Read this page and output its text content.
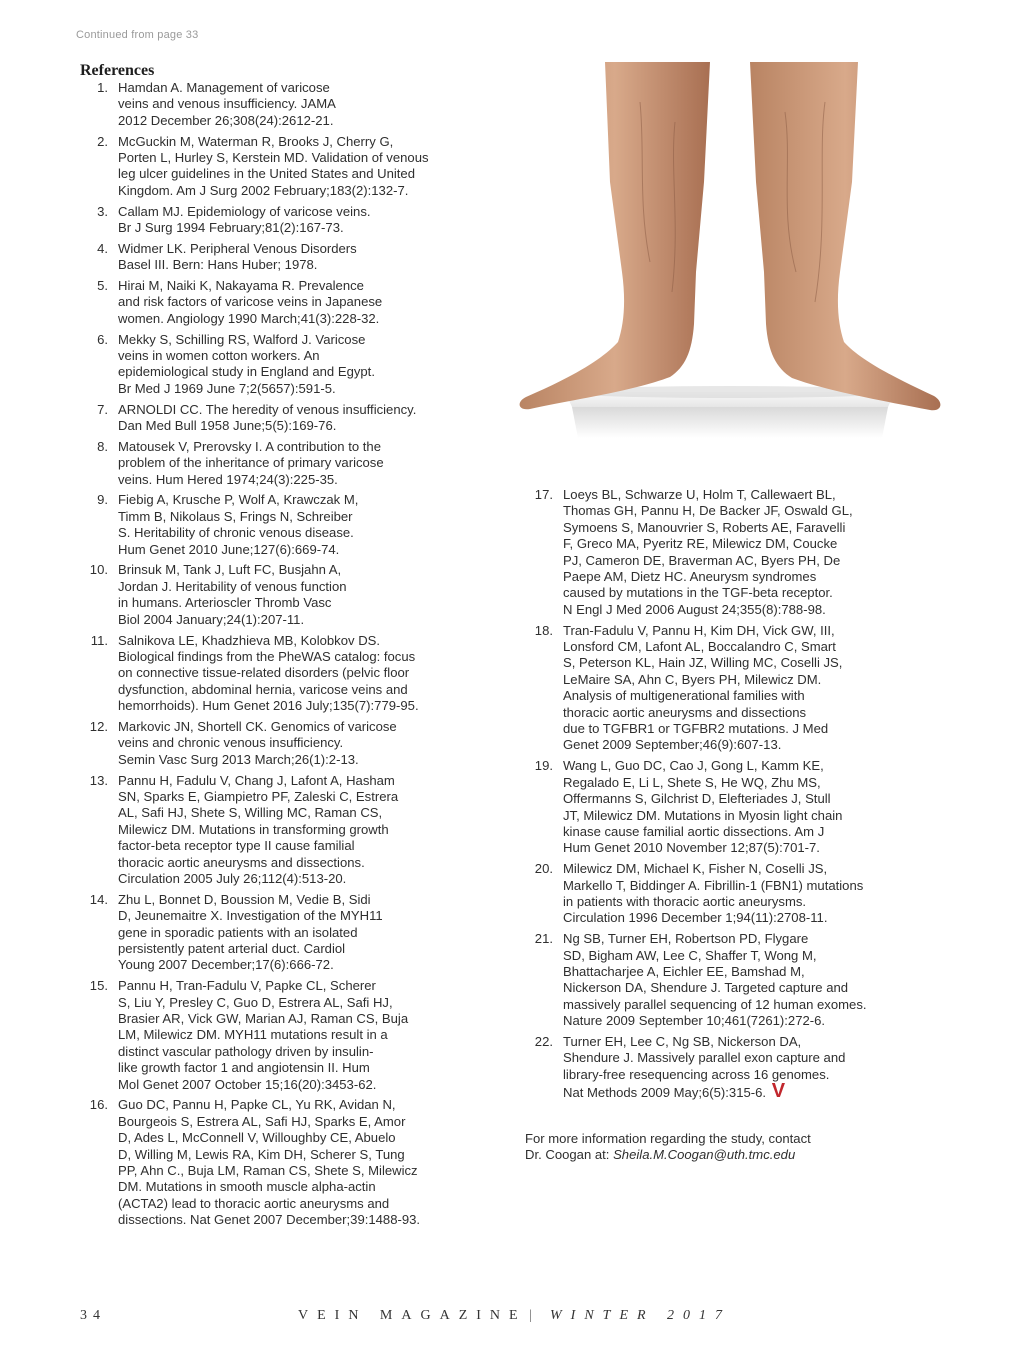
Continued from page 33
References
1. Hamdan A. Management of varicose
veins and venous insufficiency. JAMA
2012 December 26;308(24):2612-21.
2. McGuckin M, Waterman R, Brooks J, Cherry G,
Porten L, Hurley S, Kerstein MD. Validation of venous
leg ulcer guidelines in the United States and United
Kingdom. Am J Surg 2002 February;183(2):132-7.
3. Callam MJ. Epidemiology of varicose veins.
Br J Surg 1994 February;81(2):167-73.
4. Widmer LK. Peripheral Venous Disorders
Basel III. Bern: Hans Huber; 1978.
5. Hirai M, Naiki K, Nakayama R. Prevalence
and risk factors of varicose veins in Japanese
women. Angiology 1990 March;41(3):228-32.
6. Mekky S, Schilling RS, Walford J. Varicose
veins in women cotton workers. An
epidemiological study in England and Egypt.
Br Med J 1969 June 7;2(5657):591-5.
7. ARNOLDI CC. The heredity of venous insufficiency.
Dan Med Bull 1958 June;5(5):169-76.
8. Matousek V, Prerovsky I. A contribution to the
problem of the inheritance of primary varicose
veins. Hum Hered 1974;24(3):225-35.
9. Fiebig A, Krusche P, Wolf A, Krawczak M,
Timm B, Nikolaus S, Frings N, Schreiber
S. Heritability of chronic venous disease.
Hum Genet 2010 June;127(6):669-74.
10. Brinsuk M, Tank J, Luft FC, Busjahn A,
Jordan J. Heritability of venous function
in humans. Arterioscler Thromb Vasc
Biol 2004 January;24(1):207-11.
11. Salnikova LE, Khadzhieva MB, Kolobkov DS.
Biological findings from the PheWAS catalog: focus
on connective tissue-related disorders (pelvic floor
dysfunction, abdominal hernia, varicose veins and
hemorrhoids). Hum Genet 2016 July;135(7):779-95.
12. Markovic JN, Shortell CK. Genomics of varicose
veins and chronic venous insufficiency.
Semin Vasc Surg 2013 March;26(1):2-13.
13. Pannu H, Fadulu V, Chang J, Lafont A, Hasham
SN, Sparks E, Giampietro PF, Zaleski C, Estrera
AL, Safi HJ, Shete S, Willing MC, Raman CS,
Milewicz DM. Mutations in transforming growth
factor-beta receptor type II cause familial
thoracic aortic aneurysms and dissections.
Circulation 2005 July 26;112(4):513-20.
14. Zhu L, Bonnet D, Boussion M, Vedie B, Sidi
D, Jeunemaitre X. Investigation of the MYH11
gene in sporadic patients with an isolated
persistently patent arterial duct. Cardiol
Young 2007 December;17(6):666-72.
15. Pannu H, Tran-Fadulu V, Papke CL, Scherer
S, Liu Y, Presley C, Guo D, Estrera AL, Safi HJ,
Brasier AR, Vick GW, Marian AJ, Raman CS, Buja
LM, Milewicz DM. MYH11 mutations result in a
distinct vascular pathology driven by insulin-
like growth factor 1 and angiotensin II. Hum
Mol Genet 2007 October 15;16(20):3453-62.
16. Guo DC, Pannu H, Papke CL, Yu RK, Avidan N,
Bourgeois S, Estrera AL, Safi HJ, Sparks E, Amor
D, Ades L, McConnell V, Willoughby CE, Abuelo
D, Willing M, Lewis RA, Kim DH, Scherer S, Tung
PP, Ahn C., Buja LM, Raman CS, Shete S, Milewicz
DM. Mutations in smooth muscle alpha-actin
(ACTA2) lead to thoracic aortic aneurysms and
dissections. Nat Genet 2007 December;39:1488-93.
17. Loeys BL, Schwarze U, Holm T, Callewaert BL,
Thomas GH, Pannu H, De Backer JF, Oswald GL,
Symoens S, Manouvrier S, Roberts AE, Faravelli
F, Greco MA, Pyeritz RE, Milewicz DM, Coucke
PJ, Cameron DE, Braverman AC, Byers PH, De
Paepe AM, Dietz HC. Aneurysm syndromes
caused by mutations in the TGF-beta receptor.
N Engl J Med 2006 August 24;355(8):788-98.
18. Tran-Fadulu V, Pannu H, Kim DH, Vick GW, III,
Lonsford CM, Lafont AL, Boccalandro C, Smart
S, Peterson KL, Hain JZ, Willing MC, Coselli JS,
LeMaire SA, Ahn C, Byers PH, Milewicz DM.
Analysis of multigenerational families with
thoracic aortic aneurysms and dissections
due to TGFBR1 or TGFBR2 mutations. J Med
Genet 2009 September;46(9):607-13.
19. Wang L, Guo DC, Cao J, Gong L, Kamm KE,
Regalado E, Li L, Shete S, He WQ, Zhu MS,
Offermanns S, Gilchrist D, Elefteriades J, Stull
JT, Milewicz DM. Mutations in Myosin light chain
kinase cause familial aortic dissections. Am J
Hum Genet 2010 November 12;87(5):701-7.
20. Milewicz DM, Michael K, Fisher N, Coselli JS,
Markello T, Biddinger A. Fibrillin-1 (FBN1) mutations
in patients with thoracic aortic aneurysms.
Circulation 1996 December 1;94(11):2708-11.
21. Ng SB, Turner EH, Robertson PD, Flygare
SD, Bigham AW, Lee C, Shaffer T, Wong M,
Bhattacharjee A, Eichler EE, Bamshad M,
Nickerson DA, Shendure J. Targeted capture and
massively parallel sequencing of 12 human exomes.
Nature 2009 September 10;461(7261):272-6.
22. Turner EH, Lee C, Ng SB, Nickerson DA,
Shendure J. Massively parallel exon capture and
library-free resequencing across 16 genomes.
Nat Methods 2009 May;6(5):315-6. V
For more information regarding the study, contact
Dr. Coogan at: Sheila.M.Coogan@uth.tmc.edu
34	VEIN MAGAZINE | WINTER 2017
